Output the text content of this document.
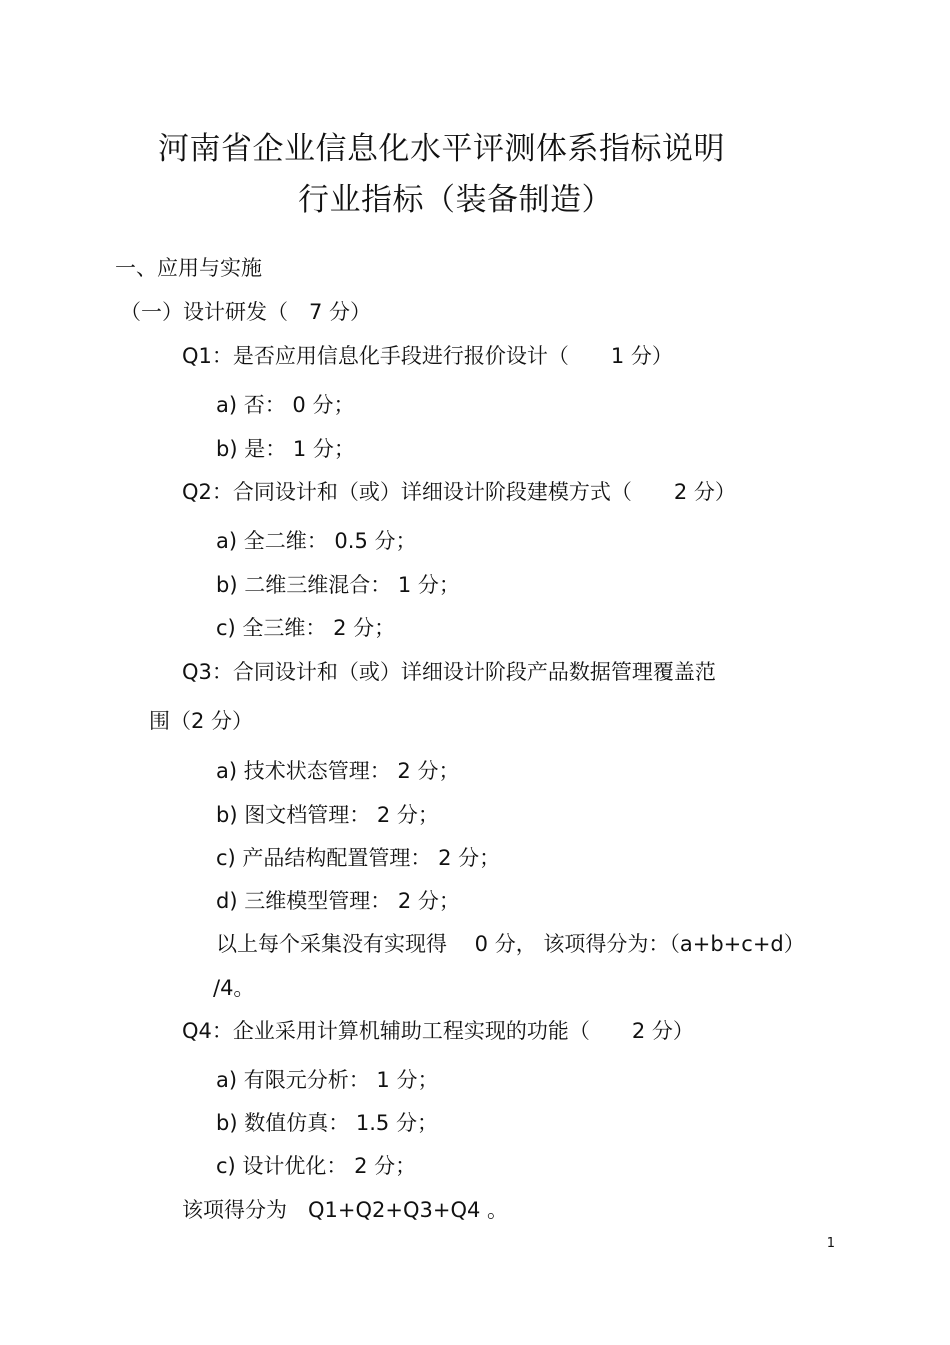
河南省企业信息化水平评测体系指标说明
行业指标（装备制造）
一、应用与实施
（一）设计研发（　7 分）
Q1：是否应用信息化手段进行报价设计（　　1 分）
a) 否： 0 分；
b) 是： 1 分；
Q2：合同设计和（或）详细设计阶段建模方式（　　2 分）
a) 全二维： 0.5 分；
b) 二维三维混合： 1 分；
c) 全三维： 2 分；
Q3：合同设计和（或）详细设计阶段产品数据管理覆盖范
围（2 分）
a) 技术状态管理： 2 分；
b) 图文档管理： 2 分；
c) 产品结构配置管理： 2 分；
d) 三维模型管理： 2 分；
以上每个采集没有实现得　 0 分， 该项得分为：（a+b+c+d）
/4。
Q4：企业采用计算机辅助工程实现的功能（　　2 分）
a) 有限元分析： 1 分；
b) 数值仿真： 1.5 分；
c) 设计优化： 2 分；
该项得分为　Q1+Q2+Q3+Q4 。
1
